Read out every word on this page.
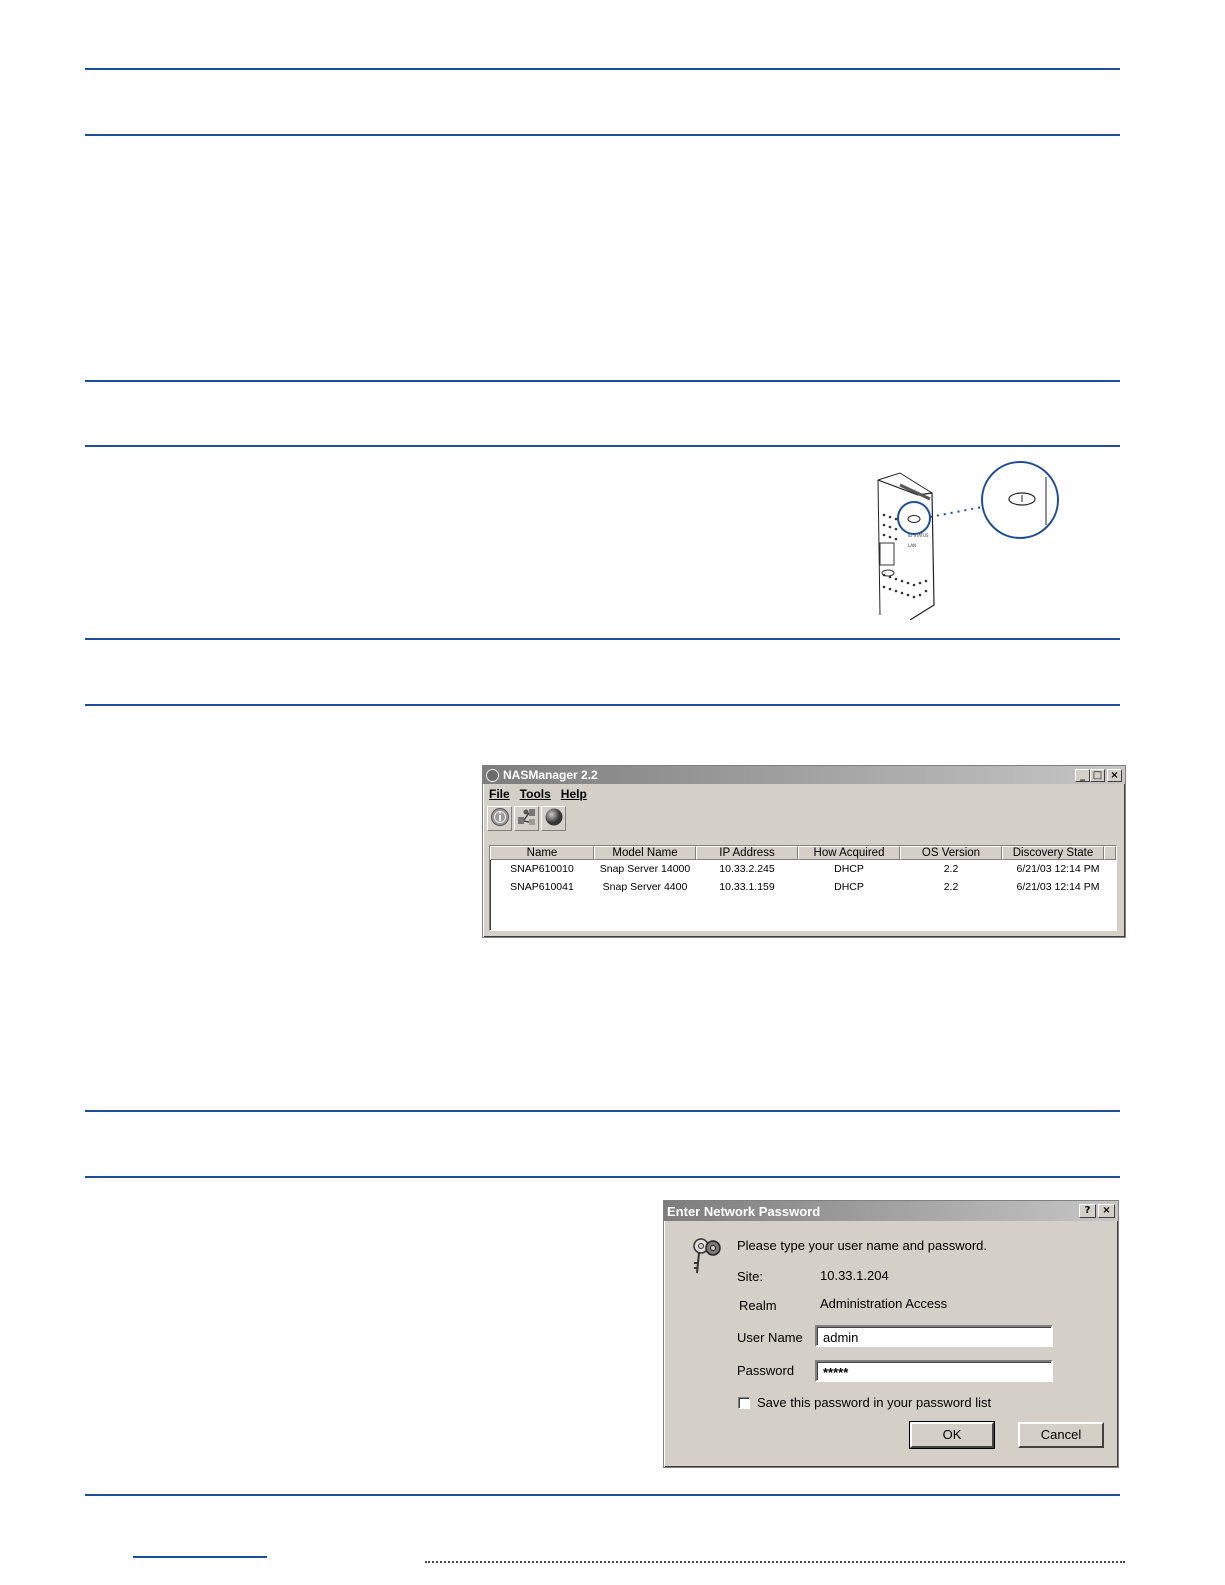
ID STATUS
LAN
NASManager 2.2	_ □ ×
File Tools Help
Name	Model Name	IP Address	How Acquired	OS Version	Discovery State
SNAP610010	Snap Server 14000	10.33.2.245	DHCP	2.2	6/21/03 12:14 PM
SNAP610041	Snap Server 4400	10.33.1.159	DHCP	2.2	6/21/03 12:14 PM
Enter Network Password	?	×
Please type your user name and password.
Site:	10.33.1.204
Realm	Administration Access
User Name	admin
Password	*****
Save this password in your password list
OK	Cancel
